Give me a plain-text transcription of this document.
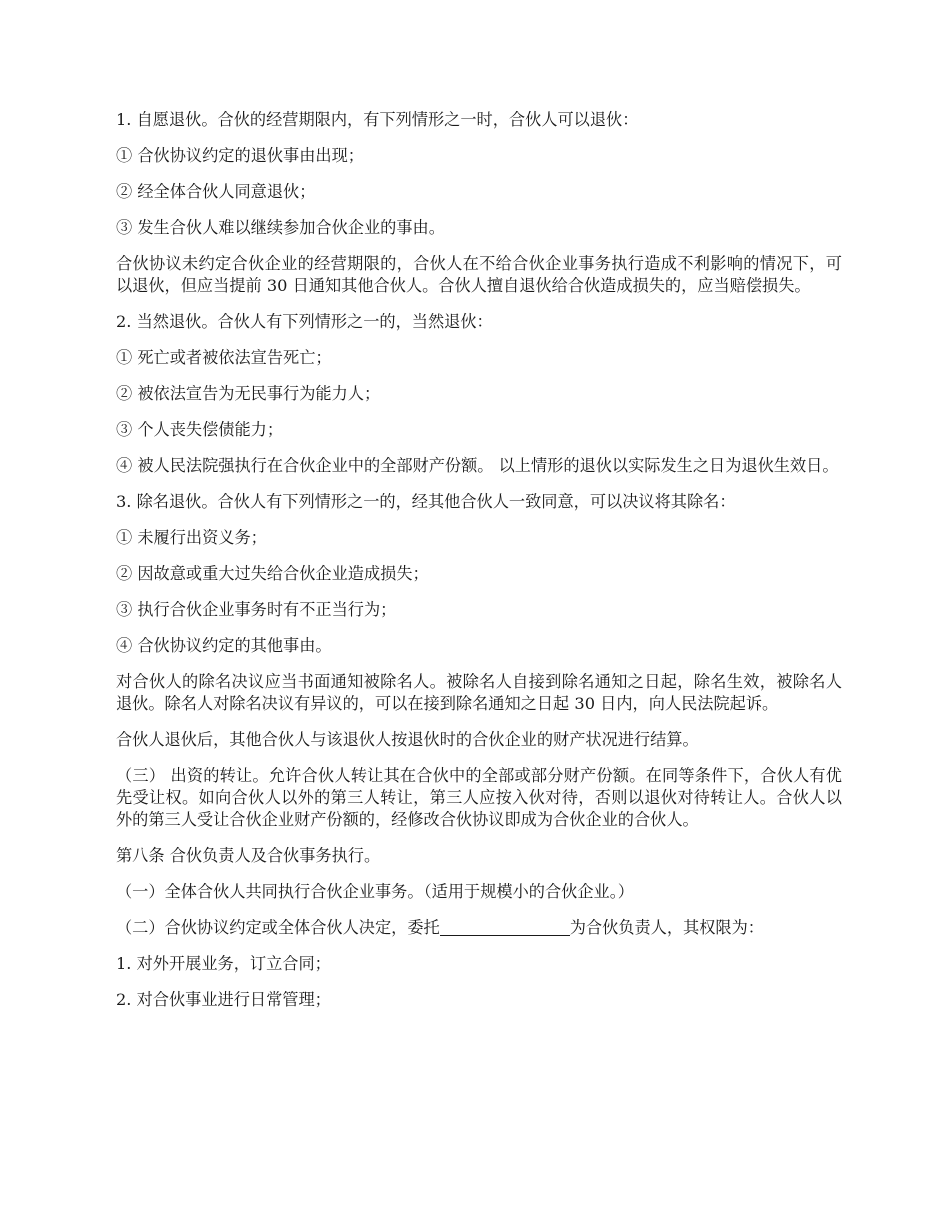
1. 自愿退伙。合伙的经营期限内，有下列情形之一时，合伙人可以退伙：

① 合伙协议约定的退伙事由出现；

② 经全体合伙人同意退伙；

③ 发生合伙人难以继续参加合伙企业的事由。

合伙协议未约定合伙企业的经营期限的，合伙人在不给合伙企业事务执行造成不利影响的情况下，可以退伙，但应当提前 30 日通知其他合伙人。合伙人擅自退伙给合伙造成损失的，应当赔偿损失。

2. 当然退伙。合伙人有下列情形之一的，当然退伙：

① 死亡或者被依法宣告死亡；

② 被依法宣告为无民事行为能力人；

③ 个人丧失偿债能力；

④ 被人民法院强执行在合伙企业中的全部财产份额。 以上情形的退伙以实际发生之日为退伙生效日。

3. 除名退伙。合伙人有下列情形之一的，经其他合伙人一致同意，可以决议将其除名：

① 未履行出资义务；

② 因故意或重大过失给合伙企业造成损失；

③ 执行合伙企业事务时有不正当行为；

④ 合伙协议约定的其他事由。

对合伙人的除名决议应当书面通知被除名人。被除名人自接到除名通知之日起，除名生效，被除名人退伙。除名人对除名决议有异议的，可以在接到除名通知之日起 30 日内，向人民法院起诉。

合伙人退伙后，其他合伙人与该退伙人按退伙时的合伙企业的财产状况进行结算。

（三） 出资的转让。允许合伙人转让其在合伙中的全部或部分财产份额。在同等条件下，合伙人有优先受让权。如向合伙人以外的第三人转让，第三人应按入伙对待，否则以退伙对待转让人。合伙人以外的第三人受让合伙企业财产份额的，经修改合伙协议即成为合伙企业的合伙人。

第八条 合伙负责人及合伙事务执行。

（一）全体合伙人共同执行合伙企业事务。（适用于规模小的合伙企业。）

（二）合伙协议约定或全体合伙人决定，委托	为合伙负责人，其权限为：

1. 对外开展业务，订立合同；

2. 对合伙事业进行日常管理；
